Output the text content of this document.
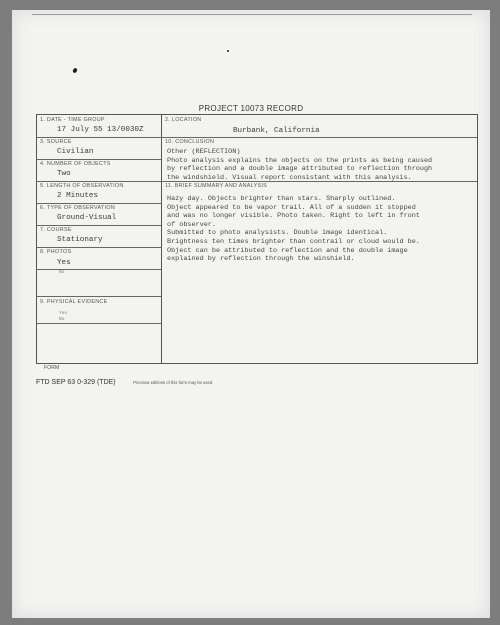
PROJECT 10073 RECORD
1. DATE - TIME GROUP
17 July 55 13/0030Z
2. LOCATION
Burbank, California
3. SOURCE
Civilian
4. NUMBER OF OBJECTS
Two
5. LENGTH OF OBSERVATION
2 Minutes
6. TYPE OF OBSERVATION
Ground-Visual
7. COURSE
Stationary
8. PHOTOS
Yes
No
9. PHYSICAL EVIDENCE
Yes
No
10. CONCLUSION
Other (REFLECTION)
Photo analysis explains the objects on the prints as being caused
by reflection and a double image attributed to reflection through
the windshield. Visual report consistant with this analysis.
11. BRIEF SUMMARY AND ANALYSIS
Hazy day. Objects brighter than stars. Sharply outlined.
Object appeared to be vapor trail. All of a sudden it stopped
and was no longer visible. Photo taken. Right to left in front
of observer.
Submitted to photo analysists. Double image identical.
Brightness ten times brighter than contrail or cloud would be.
Object can be attributed to reflection and the double image
explained by reflection through the winshield.
FORM
FTD SEP 63 0-329 (TDE)	Previous editions of this form may be used.
